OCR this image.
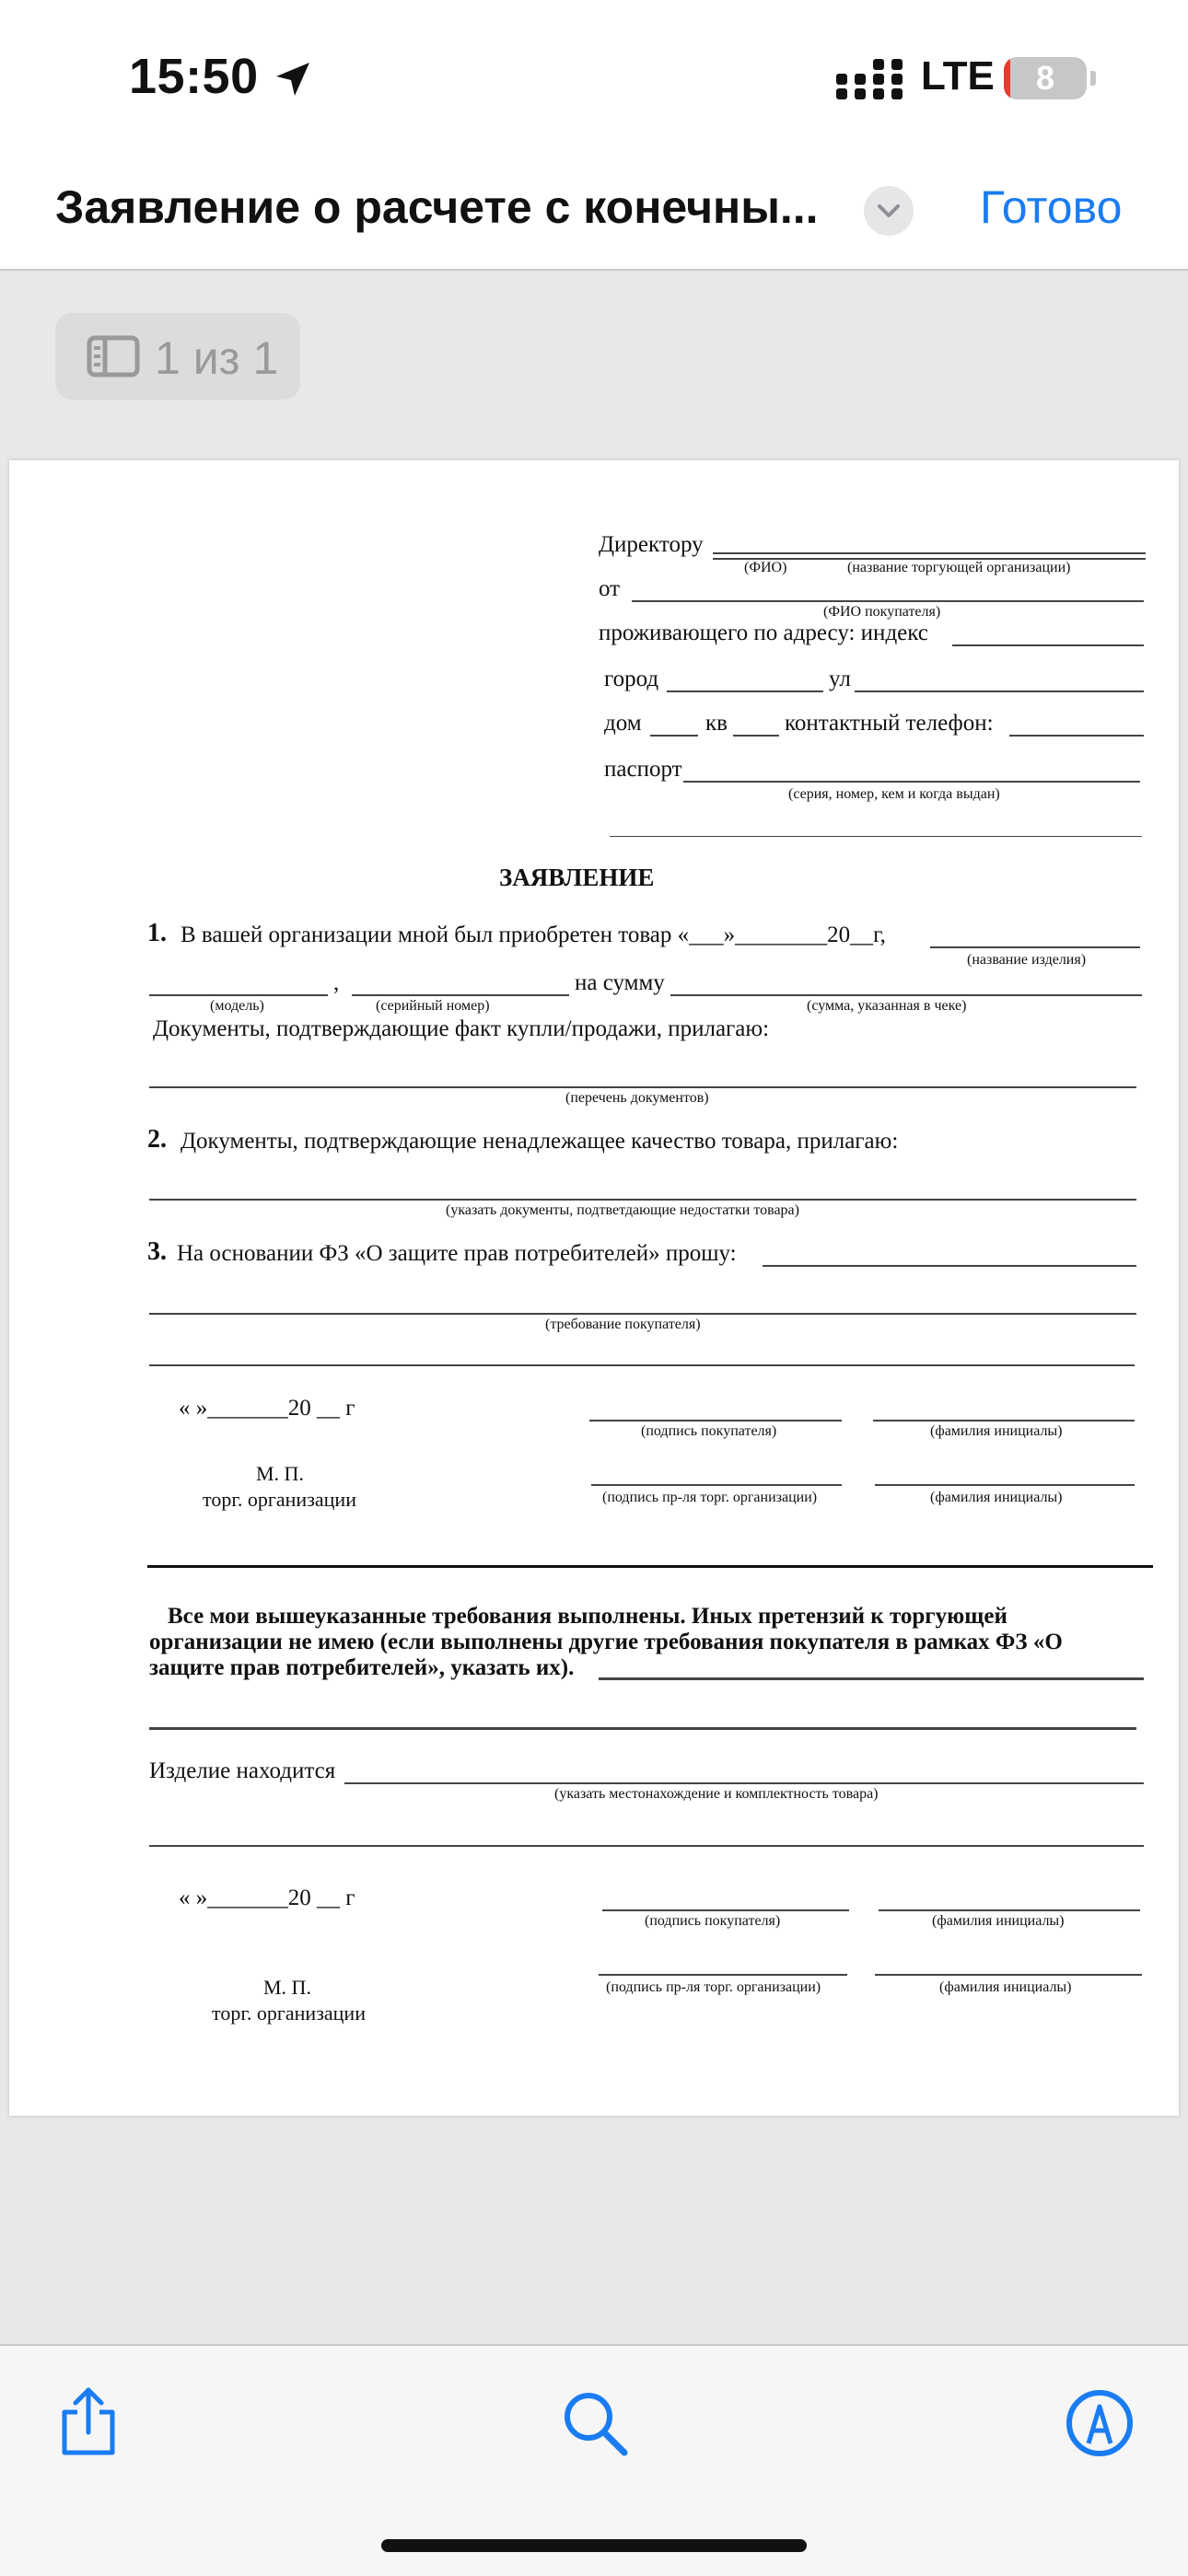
15:50	LTE	8
Заявление о расчете с конечны...	Готово
1 из 1
Директору
(ФИО)	(название торгующей организации)
от
(ФИО покупателя)
проживающего по адресу: индекс
город	ул
дом	кв контактный телефон:
паспорт
(серия, номер, кем и когда выдан)
ЗАЯВЛЕНИЕ
1. В вашей организации мной был приобретен товар «___»________20__г,
(название изделия)
,	на сумму
(модель)	(серийный номер)	(сумма, указанная в чеке)
Документы, подтверждающие факт купли/продажи, прилагаю:
(перечень документов)
2. Документы, подтверждающие ненадлежащее качество товара, прилагаю:
(указать документы, подтветдающие недостатки товара)
3. На основании ФЗ «О защите прав потребителей» прошу:
(требование покупателя)
« »_______20 __ г
(подпись покупателя)	(фамилия инициалы)
М. П.
торг. организации	(подпись пр-ля торг. организации)	(фамилия инициалы)
Все мои вышеуказанные требования выполнены. Иных претензий к торгующей
организации не имею (если выполнены другие требования покупателя в рамках ФЗ «О
защите прав потребителей», указать их).
Изделие находится
(указать местонахождение и комплектность товара)
« »_______20 __ г
(подпись покупателя)	(фамилия инициалы)
М. П.
торг. организации
(подпись пр-ля торг. организации)	(фамилия инициалы)
